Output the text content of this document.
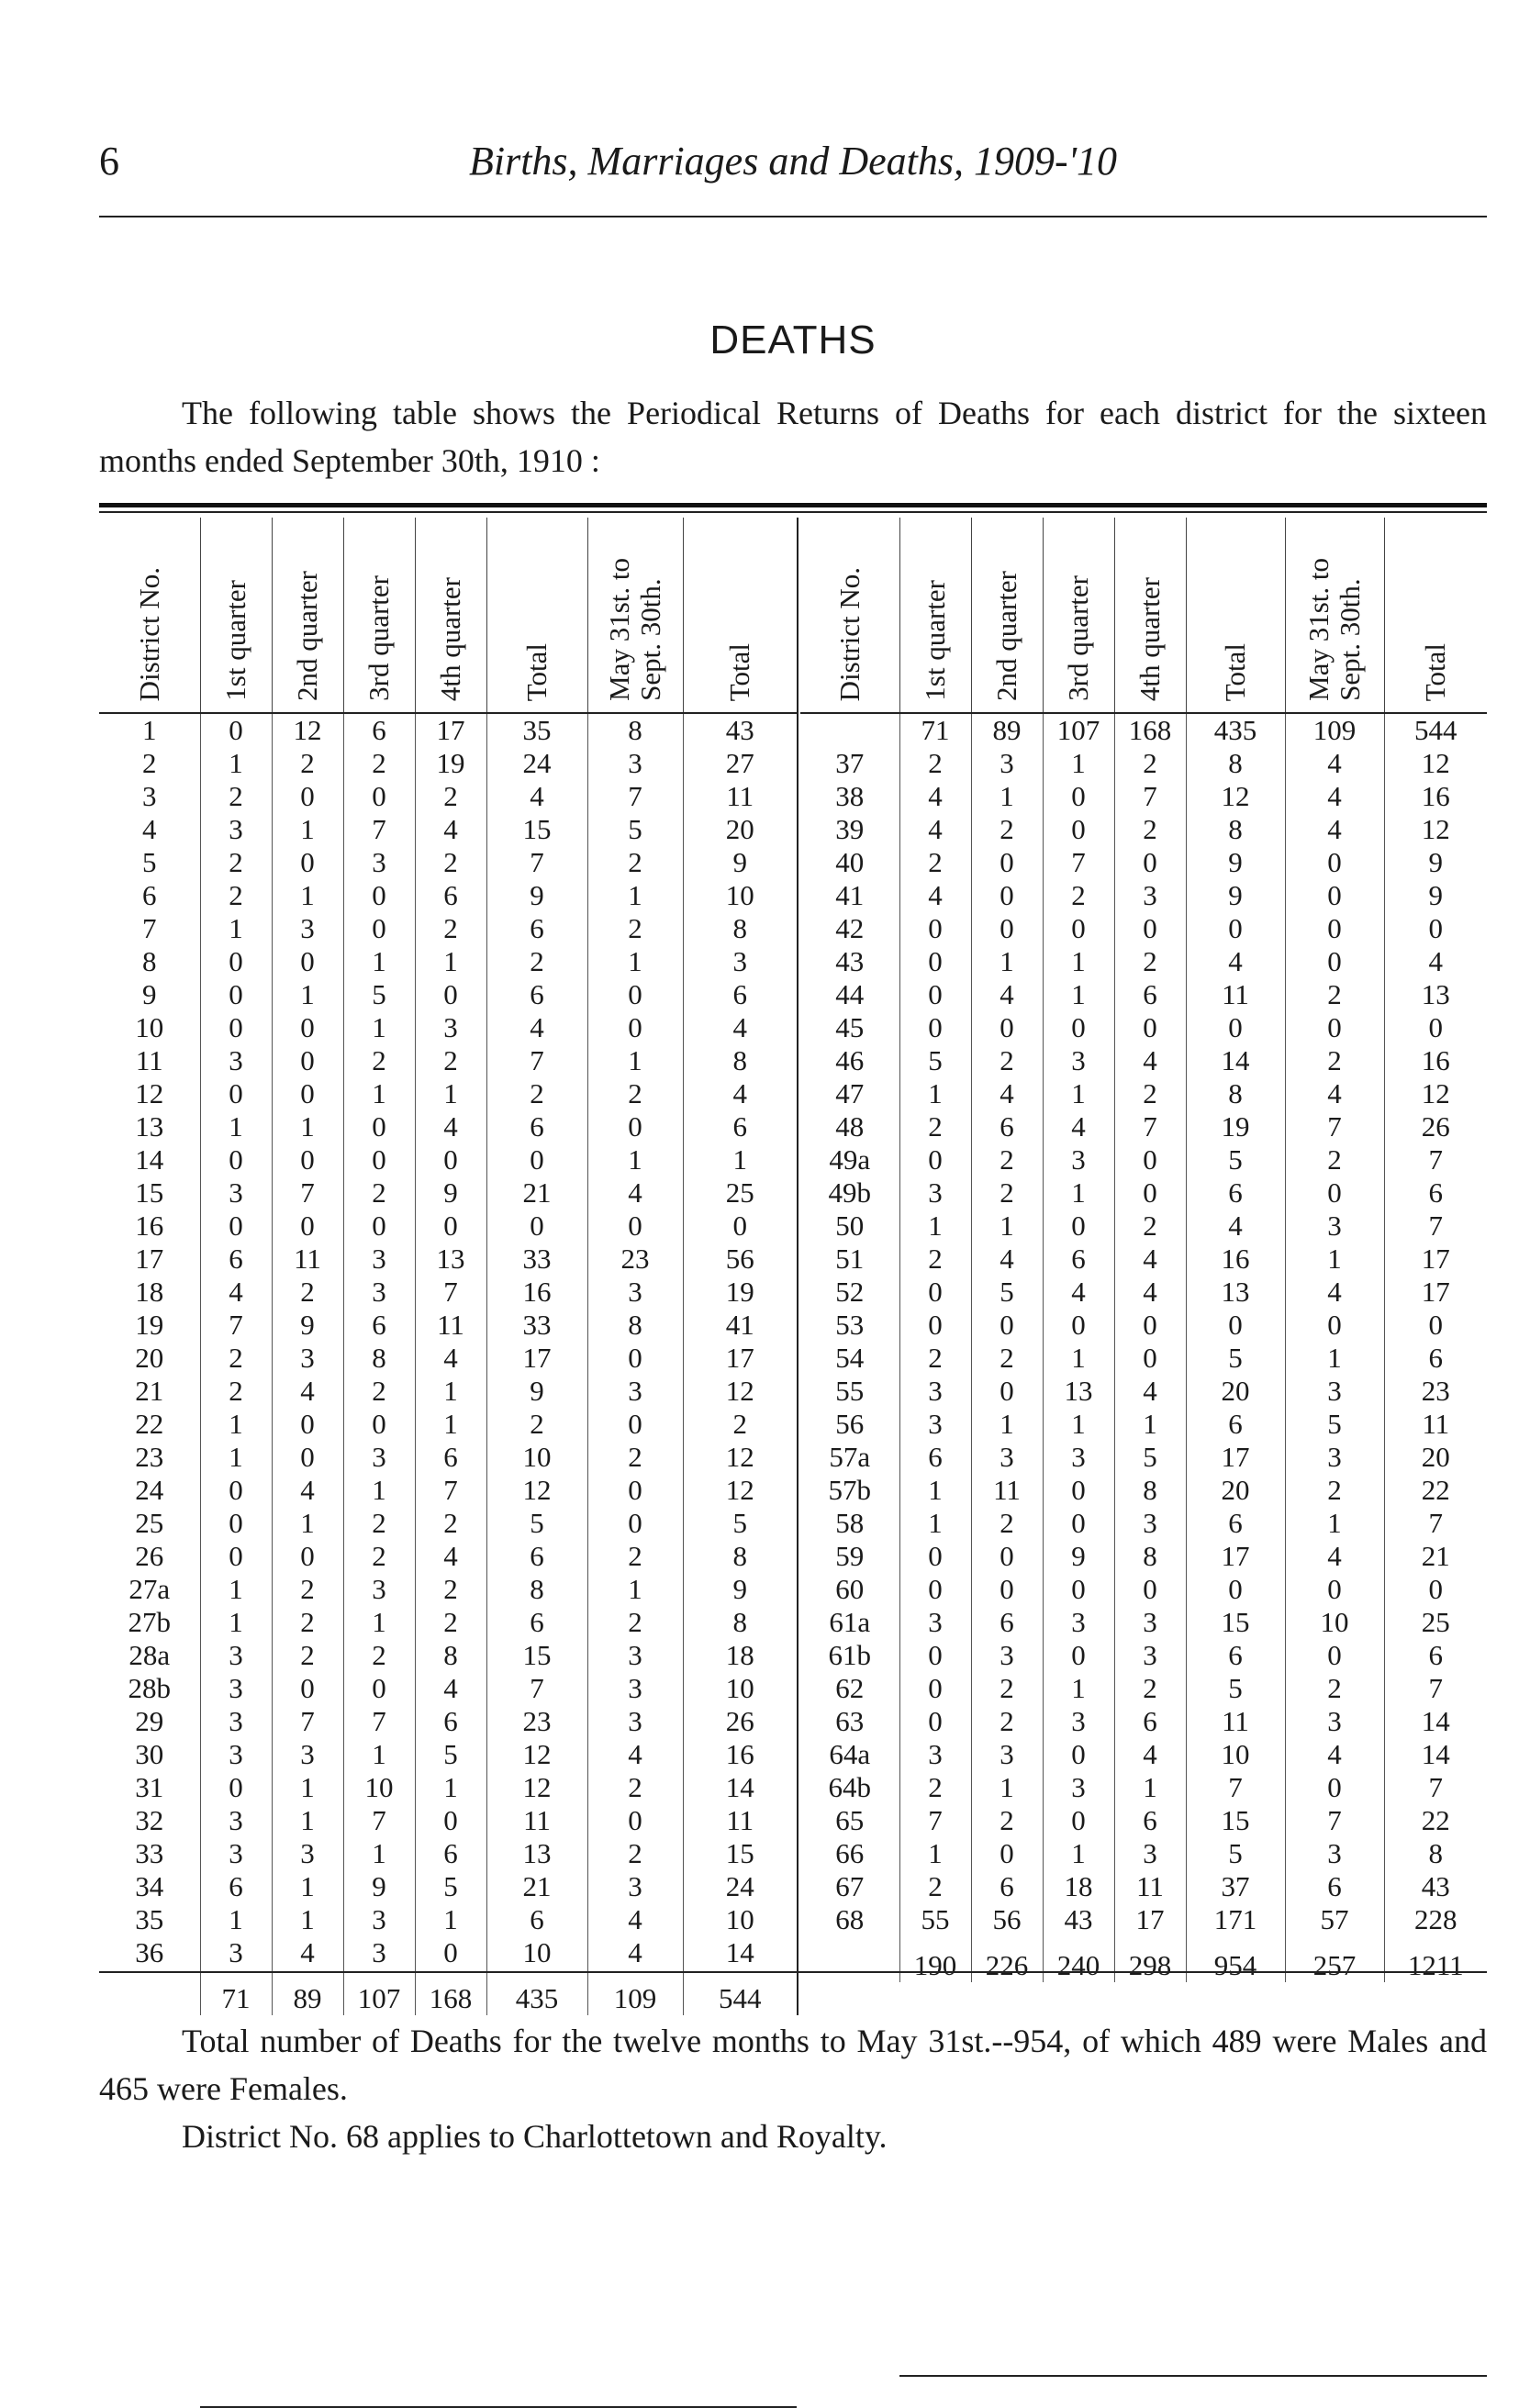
6	Births, Marriages and Deaths, 1909-'10
DEATHS
The following table shows the Periodical Returns of Deaths for each district for the sixteen months ended September 30th, 1910 :
District No.	1st quarter	2nd quarter	3rd quarter	4th quarter	Total	May 31st. to
Sept. 30th.	Total

1	0	12	6	17	35	8	43
2	1	2	2	19	24	3	27
3	2	0	0	2	4	7	11
4	3	1	7	4	15	5	20
5	2	0	3	2	7	2	9
6	2	1	0	6	9	1	10
7	1	3	0	2	6	2	8
8	0	0	1	1	2	1	3
9	0	1	5	0	6	0	6
10	0	0	1	3	4	0	4
11	3	0	2	2	7	1	8
12	0	0	1	1	2	2	4
13	1	1	0	4	6	0	6
14	0	0	0	0	0	1	1
15	3	7	2	9	21	4	25
16	0	0	0	0	0	0	0
17	6	11	3	13	33	23	56
18	4	2	3	7	16	3	19
19	7	9	6	11	33	8	41
20	2	3	8	4	17	0	17
21	2	4	2	1	9	3	12
22	1	0	0	1	2	0	2
23	1	0	3	6	10	2	12
24	0	4	1	7	12	0	12
25	0	1	2	2	5	0	5
26	0	0	2	4	6	2	8
27a	1	2	3	2	8	1	9
27b	1	2	1	2	6	2	8
28a	3	2	2	8	15	3	18
28b	3	0	0	4	7	3	10
29	3	7	7	6	23	3	26
30	3	3	1	5	12	4	16
31	0	1	10	1	12	2	14
32	3	1	7	0	11	0	11
33	3	3	1	6	13	2	15
34	6	1	9	5	21	3	24
35	1	1	3	1	6	4	10
36	3	4	3	0	10	4	14
	71	89	107	168	435	109	544
District No.	1st quarter	2nd quarter	3rd quarter	4th quarter	Total	May 31st. to
Sept. 30th.	Total

	71	89	107	168	435	109	544
37	2	3	1	2	8	4	12
38	4	1	0	7	12	4	16
39	4	2	0	2	8	4	12
40	2	0	7	0	9	0	9
41	4	0	2	3	9	0	9
42	0	0	0	0	0	0	0
43	0	1	1	2	4	0	4
44	0	4	1	6	11	2	13
45	0	0	0	0	0	0	0
46	5	2	3	4	14	2	16
47	1	4	1	2	8	4	12
48	2	6	4	7	19	7	26
49a	0	2	3	0	5	2	7
49b	3	2	1	0	6	0	6
50	1	1	0	2	4	3	7
51	2	4	6	4	16	1	17
52	0	5	4	4	13	4	17
53	0	0	0	0	0	0	0
54	2	2	1	0	5	1	6
55	3	0	13	4	20	3	23
56	3	1	1	1	6	5	11
57a	6	3	3	5	17	3	20
57b	1	11	0	8	20	2	22
58	1	2	0	3	6	1	7
59	0	0	9	8	17	4	21
60	0	0	0	0	0	0	0
61a	3	6	3	3	15	10	25
61b	0	3	0	3	6	0	6
62	0	2	1	2	5	2	7
63	0	2	3	6	11	3	14
64a	3	3	0	4	10	4	14
64b	2	1	3	1	7	0	7
65	7	2	0	6	15	7	22
66	1	0	1	3	5	3	8
67	2	6	18	11	37	6	43
68	55	56	43	17	171	57	228
	190	226	240	298	954	257	1211
Total number of Deaths for the twelve months to May 31st.--954, of which 489 were Males and 465 were Females.
District No. 68 applies to Charlottetown and Royalty.
